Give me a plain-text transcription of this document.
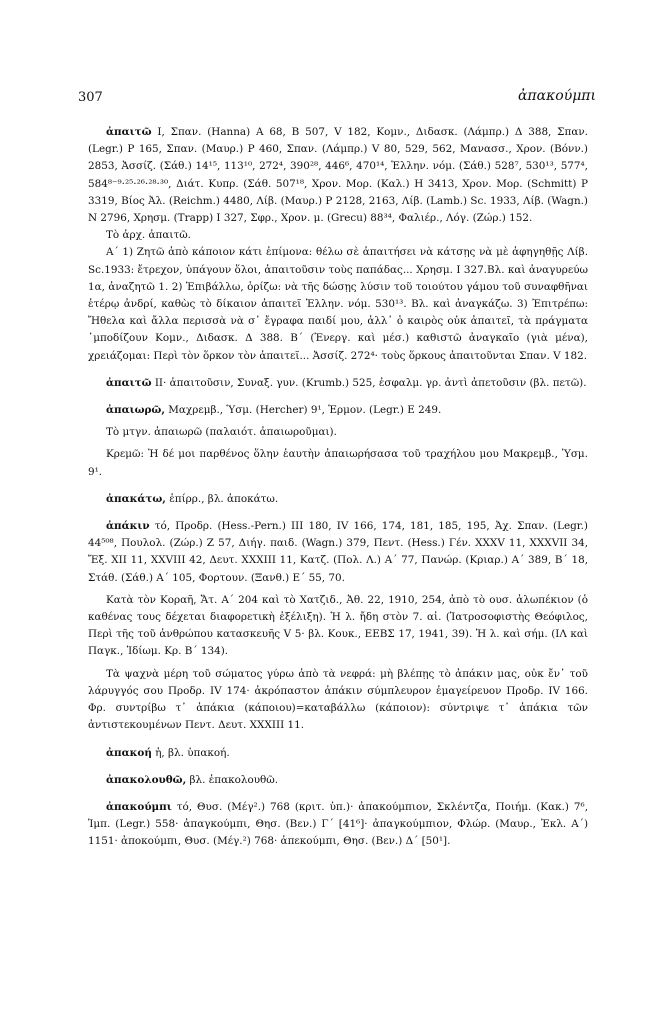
307	ἀπακούμπι

ἀπαιτῶ I, Σπαν. (Hanna) A 68, B 507, V 182, Κομν., Διδασκ. (Λάμπρ.) Δ 388, Σπαν. (Legr.) P 165, Σπαν. (Μαυρ.) P 460, Σπαν. (Λάμπρ.) V 80, 529, 562, Μανασσ., Χρον. (Βόνν.) 2853, Ἀσσίζ. (Σάθ.) 14¹⁵, 113¹⁰, 272⁴, 390²⁸, 446⁶, 470¹⁴, Ἑλλην. νόμ. (Σάθ.) 528⁷, 530¹³, 577⁴, 584⁸⁻⁹·²⁵·²⁶·²⁸·³⁰, Διάτ. Κυπρ. (Σάθ. 507¹⁸, Χρον. Μορ. (Καλ.) H 3413, Χρον. Μορ. (Schmitt) P 3319, Βίος Ἀλ. (Reichm.) 4480, Λίβ. (Μαυρ.) P 2128, 2163, Λίβ. (Lamb.) Sc. 1933, Λίβ. (Wagn.) N 2796, Χρησμ. (Trapp) I 327, Σφρ., Χρον. μ. (Grecu) 88³⁴, Φαλιέρ., Λόγ. (Ζώρ.) 152.

Τὸ ἀρχ. ἀπαιτῶ.

Α΄ 1) Ζητῶ ἀπὸ κάποιον κάτι ἐπίμονα: θέλω σὲ ἀπαιτήσει νὰ κάτσῃς νὰ μὲ ἀφηγηθῇς Λίβ. Sc.1933: ἔτρεχον, ὑπάγουν ὅλοι, ἀπαιτοῦσιν τοὺς παπάδας... Χρησμ. I 327.Βλ. καὶ ἀναγυρεύω 1α, ἀναζητῶ 1. 2) Ἐπιβάλλω, ὁρίζω: νὰ τῆς δώσῃς λύσιν τοῦ τοιούτου γάμου τοῦ συναφθῆναι ἑτέρῳ ἀνδρί, καθὼς τὸ δίκαιον ἀπαιτεῖ Ἑλλην. νόμ. 530¹³. Βλ. καὶ ἀναγκάζω. 3) Ἐπιτρέπω: Ἤθελα καὶ ἄλλα περισσὰ νὰ σ᾽ ἔγραφα παιδί μου, ἀλλ᾽ ὁ καιρὸς οὐκ ἀπαιτεῖ, τὰ πράγματα ᾽μποδίζουν Κομν., Διδασκ. Δ 388. Β΄ (Ἐνεργ. καὶ μέσ.) καθιστῶ ἀναγκαῖο (γιὰ μένα), χρειάζομαι: Περὶ τὸν ὅρκον τὸν ἀπαιτεῖ... Ἀσσίζ. 272⁴· τοὺς ὅρκους ἀπαιτοῦνται Σπαν. V 182.

ἀπαιτῶ II· ἀπαιτοῦσιν, Συναξ. γυν. (Krumb.) 525, ἐσφαλμ. γρ. ἀντὶ ἀπετοῦσιν (βλ. πετῶ).

ἀπαιωρῶ, Μαχρεμβ., Ὑσμ. (Hercher) 9¹, Ἑρμον. (Legr.) E 249.

Τὸ μτγν. ἀπαιωρῶ (παλαιότ. ἀπαιωροῦμαι).

Κρεμῶ: Ἡ δέ μοι παρθένος ὅλην ἑαυτὴν ἀπαιωρήσασα τοῦ τραχήλου μου Μακρεμβ., Ὑσμ. 9¹.

ἀπακάτω, ἐπίρρ., βλ. ἀποκάτω.

ἀπάκιν τό, Προδρ. (Hess.-Pern.) III 180, IV 166, 174, 181, 185, 195, Ἀχ. Σπαν. (Legr.) 44⁵⁰⁸, Πουλολ. (Ζώρ.) Z 57, Διήγ. παιδ. (Wagn.) 379, Πεντ. (Hess.) Γέν. XXXV 11, XXXVII 34, Ἔξ. XII 11, XXVIII 42, Δευτ. XXXIII 11, Κατζ. (Πολ. Λ.) A΄ 77, Πανώρ. (Κριαρ.) A΄ 389, B΄ 18, Στάθ. (Σάθ.) A΄ 105, Φορτουν. (Ξανθ.) E΄ 55, 70.

Κατὰ τὸν Κοραῆ, Ἄτ. A΄ 204 καὶ τὸ Χατζιδ., Ἀθ. 22, 1910, 254, ἀπὸ τὸ ουσ. ἀλωπέκιον (ὁ καθένας τους δέχεται διαφορετικὴ ἐξέλιξη). Ἡ λ. ἤδη στὸν 7. αἰ. (Ἰατροσοφιστὴς Θεόφιλος, Περὶ τῆς τοῦ ἀνθρώπου κατασκευῆς V 5· βλ. Κουκ., ΕΕΒΣ 17, 1941, 39). Ἡ λ. καὶ σήμ. (ΙΛ καὶ Παγκ., Ἰδίωμ. Κρ. B΄ 134).

Τὰ ψαχνὰ μέρη τοῦ σώματος γύρω ἀπὸ τὰ νεφρά: μὴ βλέπῃς τὸ ἀπάκιν μας, οὐκ ἔν᾽ τοῦ λάρυγγός σου Προδρ. IV 174· ἀκρόπαστον ἀπάκιν σύμπλευρον ἐμαγείρευον Προδρ. IV 166. Φρ. συντρίβω τ᾽ ἀπάκια (κάποιου)=καταβάλλω (κάποιον): σύντριψε τ᾽ ἀπάκια τῶν ἀντιστεκουμένων Πεντ. Δευτ. XXXIII 11.

ἀπακοή ἡ, βλ. ὑπακοή.

ἀπακολουθῶ, βλ. ἐπακολουθῶ.

ἀπακούμπι τό, Θυσ. (Μέγ².) 768 (κριτ. ὑπ.)· ἀπακούμπιον, Σκλέντζα, Ποιήμ. (Κακ.) 7⁶, Ἰμπ. (Legr.) 558· ἀπαγκούμπι, Θησ. (Βεν.) Γ΄ [41⁶]· ἀπαγκούμπιον, Φλώρ. (Μαυρ., Ἐκλ. A΄) 1151· ἀποκούμπι, Θυσ. (Μέγ.²) 768· ἀπεκούμπι, Θησ. (Βεν.) Δ΄ [50¹].
